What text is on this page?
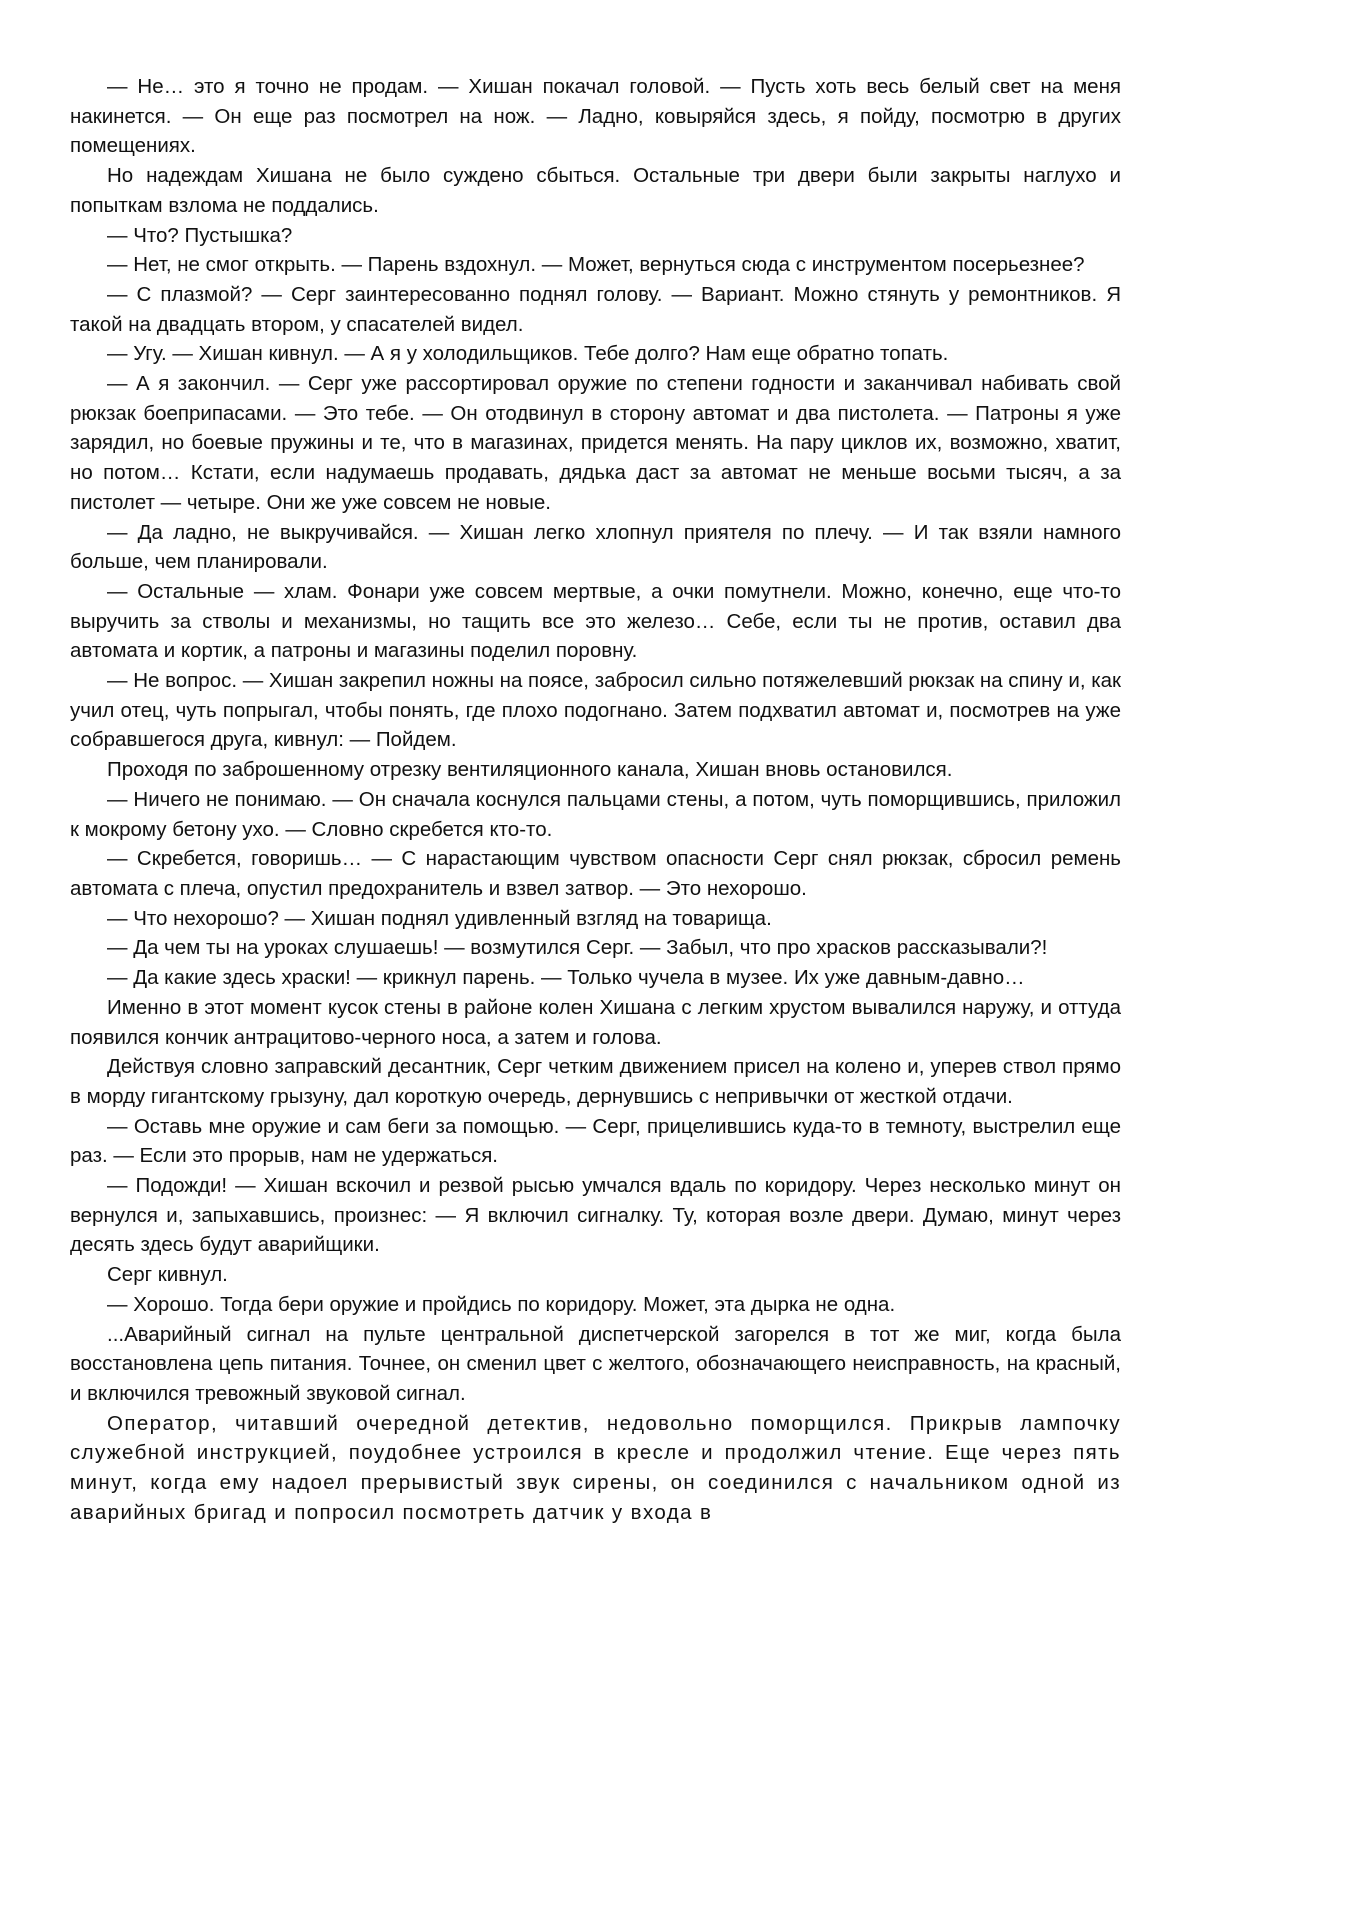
— Не… это я точно не продам. — Хишан покачал головой. — Пусть хоть весь белый свет на меня накинется. — Он еще раз посмотрел на нож. — Ладно, ковыряйся здесь, я пойду, посмотрю в других помещениях.

Но надеждам Хишана не было суждено сбыться. Остальные три двери были закрыты наглухо и попыткам взлома не поддались.

— Что? Пустышка?

— Нет, не смог открыть. — Парень вздохнул. — Может, вернуться сюда с инструментом посерьезнее?

— С плазмой? — Серг заинтересованно поднял голову. — Вариант. Можно стянуть у ремонтников. Я такой на двадцать втором, у спасателей видел.

— Угу. — Хишан кивнул. — А я у холодильщиков. Тебе долго? Нам еще обратно топать.

— А я закончил. — Серг уже рассортировал оружие по степени годности и заканчивал набивать свой рюкзак боеприпасами. — Это тебе. — Он отодвинул в сторону автомат и два пистолета. — Патроны я уже зарядил, но боевые пружины и те, что в магазинах, придется менять. На пару циклов их, возможно, хватит, но потом… Кстати, если надумаешь продавать, дядька даст за автомат не меньше восьми тысяч, а за пистолет — четыре. Они же уже совсем не новые.

— Да ладно, не выкручивайся. — Хишан легко хлопнул приятеля по плечу. — И так взяли намного больше, чем планировали.

— Остальные — хлам. Фонари уже совсем мертвые, а очки помутнели. Можно, конечно, еще что-то выручить за стволы и механизмы, но тащить все это железо… Себе, если ты не против, оставил два автомата и кортик, а патроны и магазины поделил поровну.

— Не вопрос. — Хишан закрепил ножны на поясе, забросил сильно потяжелевший рюкзак на спину и, как учил отец, чуть попрыгал, чтобы понять, где плохо подогнано. Затем подхватил автомат и, посмотрев на уже собравшегося друга, кивнул: — Пойдем.

Проходя по заброшенному отрезку вентиляционного канала, Хишан вновь остановился.

— Ничего не понимаю. — Он сначала коснулся пальцами стены, а потом, чуть поморщившись, приложил к мокрому бетону ухо. — Словно скребется кто-то.

— Скребется, говоришь… — С нарастающим чувством опасности Серг снял рюкзак, сбросил ремень автомата с плеча, опустил предохранитель и взвел затвор. — Это нехорошо.

— Что нехорошо? — Хишан поднял удивленный взгляд на товарища.

— Да чем ты на уроках слушаешь! — возмутился Серг. — Забыл, что про храсков рассказывали?!

— Да какие здесь храски! — крикнул парень. — Только чучела в музее. Их уже давным-давно…

Именно в этот момент кусок стены в районе колен Хишана с легким хрустом вывалился наружу, и оттуда появился кончик антрацитово-черного носа, а затем и голова.

Действуя словно заправский десантник, Серг четким движением присел на колено и, уперев ствол прямо в морду гигантскому грызуну, дал короткую очередь, дернувшись с непривычки от жесткой отдачи.

— Оставь мне оружие и сам беги за помощью. — Серг, прицелившись куда-то в темноту, выстрелил еще раз. — Если это прорыв, нам не удержаться.

— Подожди! — Хишан вскочил и резвой рысью умчался вдаль по коридору. Через несколько минут он вернулся и, запыхавшись, произнес: — Я включил сигналку. Ту, которая возле двери. Думаю, минут через десять здесь будут аварийщики.

Серг кивнул.

— Хорошо. Тогда бери оружие и пройдись по коридору. Может, эта дырка не одна.

...Аварийный сигнал на пульте центральной диспетчерской загорелся в тот же миг, когда была восстановлена цепь питания. Точнее, он сменил цвет с желтого, обозначающего неисправность, на красный, и включился тревожный звуковой сигнал.

Оператор, читавший очередной детектив, недовольно поморщился. Прикрыв лампочку служебной инструкцией, поудобнее устроился в кресле и продолжил чтение. Еще через пять минут, когда ему надоел прерывистый звук сирены, он соединился с начальником одной из аварийных бригад и попросил посмотреть датчик у входа в
